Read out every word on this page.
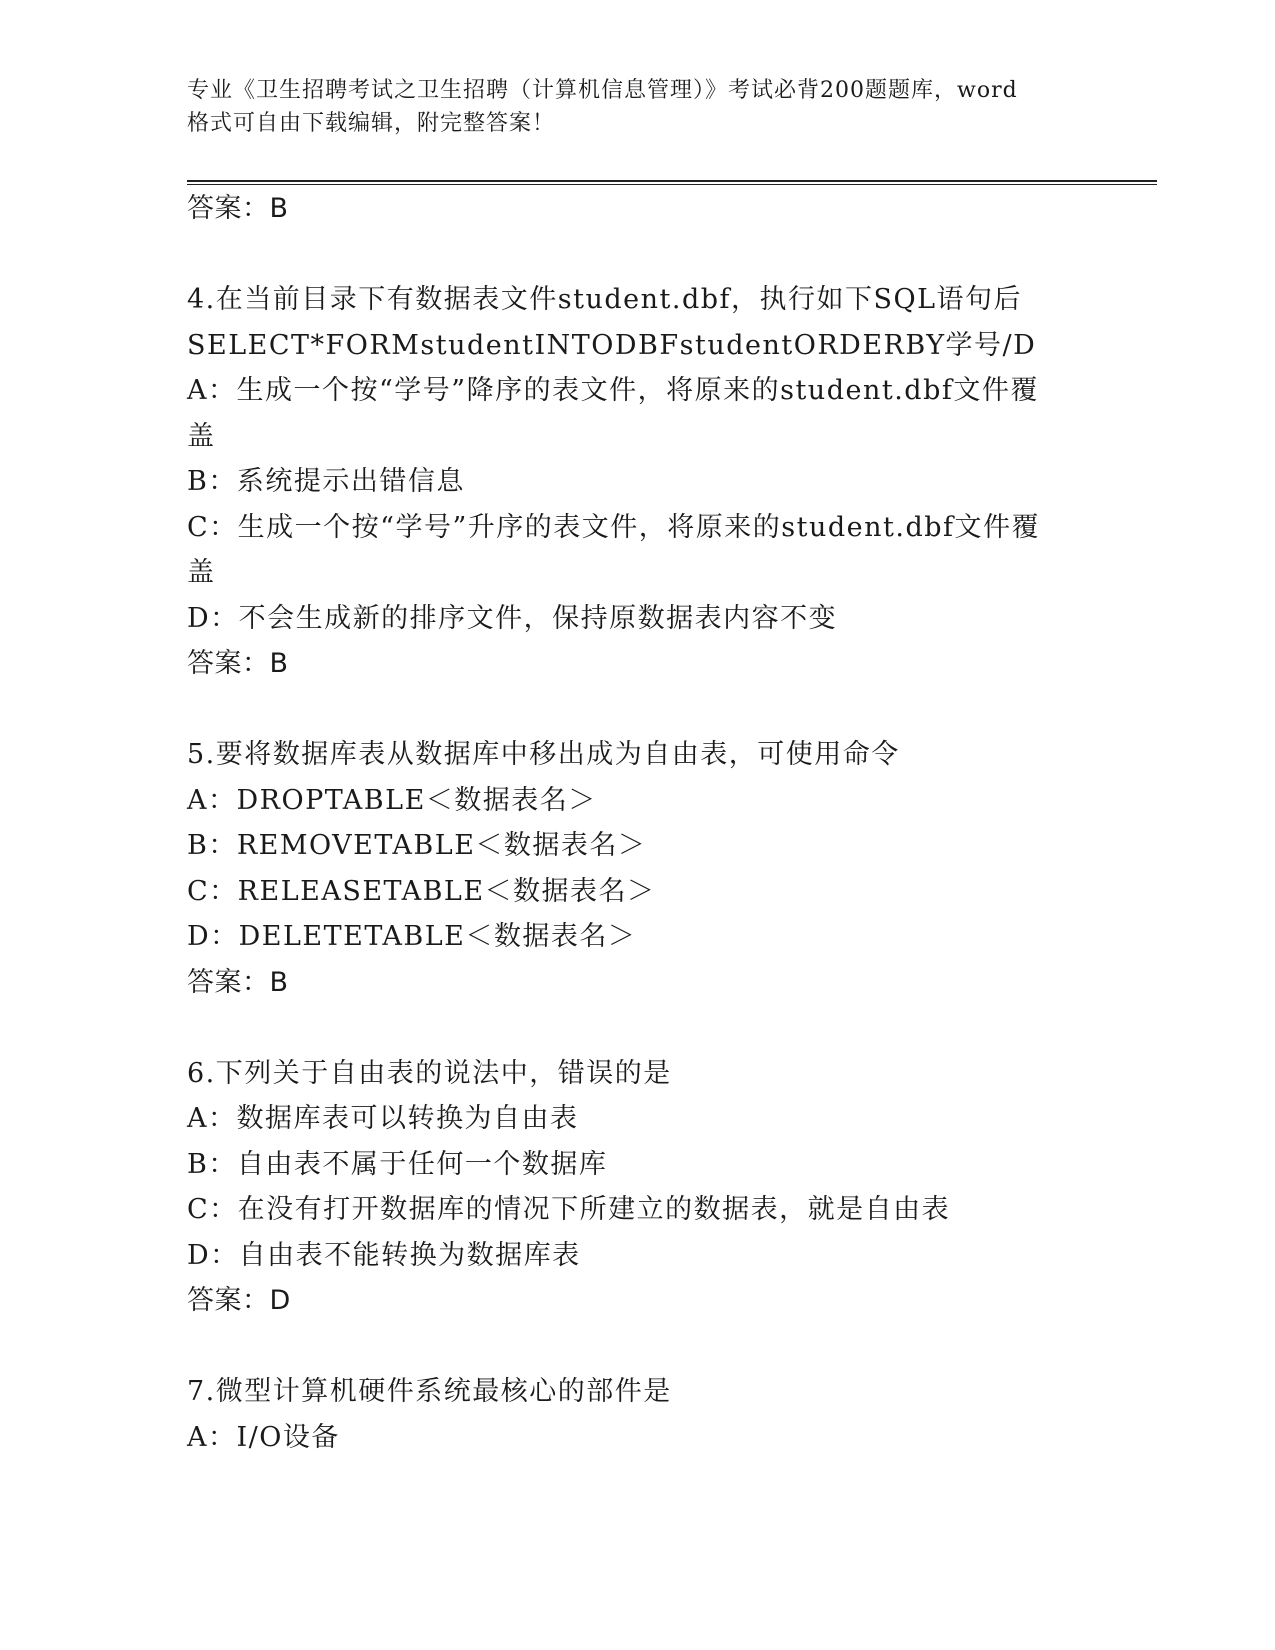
专业《卫生招聘考试之卫生招聘（计算机信息管理）》考试必背200题题库，word
格式可自由下载编辑，附完整答案！
答案：B
4.在当前目录下有数据表文件student.dbf，执行如下SQL语句后
SELECT*FORMstudentINTODBFstudentORDERBY学号/D
A：生成一个按“学号”降序的表文件，将原来的student.dbf文件覆
盖
B：系统提示出错信息
C：生成一个按“学号”升序的表文件，将原来的student.dbf文件覆
盖
D：不会生成新的排序文件，保持原数据表内容不变
答案：B
5.要将数据库表从数据库中移出成为自由表，可使用命令
A：DROPTABLE＜数据表名＞
B：REMOVETABLE＜数据表名＞
C：RELEASETABLE＜数据表名＞
D：DELETETABLE＜数据表名＞
答案：B
6.下列关于自由表的说法中，错误的是
A：数据库表可以转换为自由表
B：自由表不属于任何一个数据库
C：在没有打开数据库的情况下所建立的数据表，就是自由表
D：自由表不能转换为数据库表
答案：D
7.微型计算机硬件系统最核心的部件是
A：I/O设备
